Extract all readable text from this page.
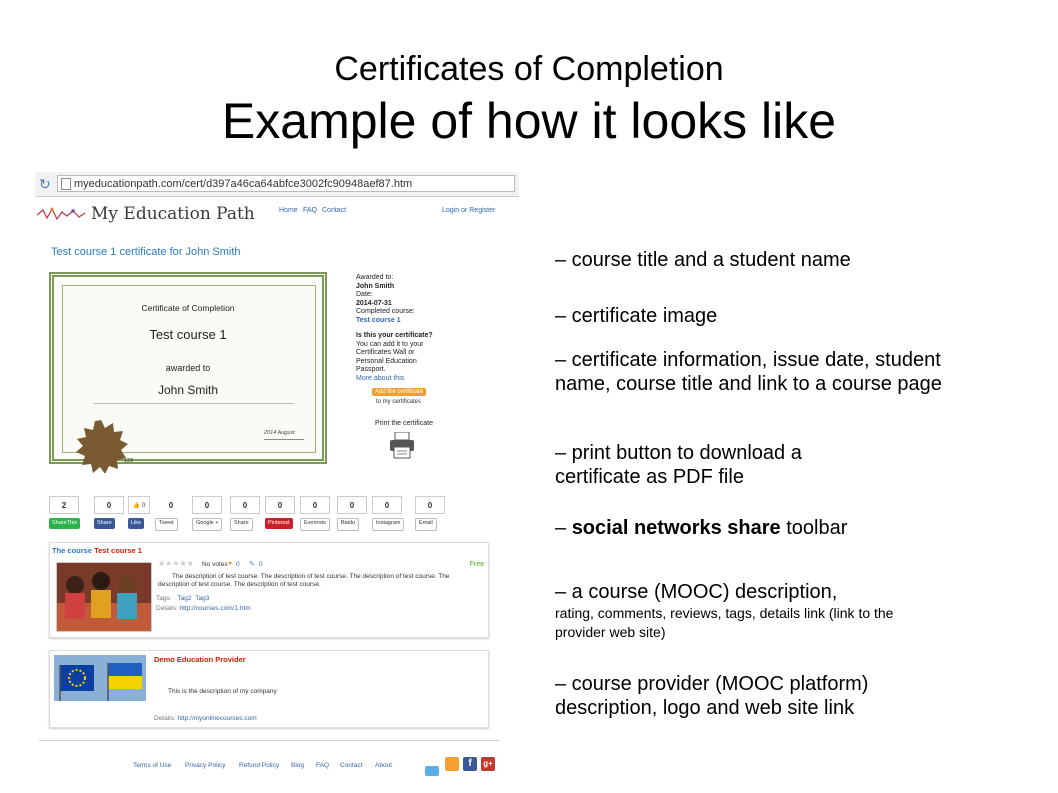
Certificates of Completion
Example of how it looks like
↻	myeducationpath.com/cert/d397a46ca64abfce3002fc90948aef87.htm
My Education Path	Home FAQ Contact	Login or Register
Test course 1 certificate for John Smith
Certificate of Completion
Test course 1
awarded to
John Smith
2014 August
123
Awarded to:
John Smith
Date:
2014-07-31
Completed course:
Test course 1
Is this your certificate?
You can add it to your Certificates Wall or Personal Education Passport.
More about this
Add the certificate
to my certificates
Print the certificate
2	0	👍 0	0	0	0	0	0	0	0	0
ShareThis	Share	Like	Tweet	Google +	Share	Pinterest	Evernote	Baidu	Instagram	Email
The course Test course 1
★★★★★ No votes ● 0 ✎ 0	Free
The description of test course. The description of test course. The description of test course. The description of test course. The description of test course.
Tags: Tag2 Tag3
Details: http://courses.com/1.htm
Demo Education Provider
This is the description of my company
Details: http://myonlinecourses.com
Terms of Use Privacy Policy Refund Policy Blog FAQ Contact About	f	g+
– course title and a student name
– certificate image
– certificate information, issue date, student name, course title and link to a course page
– print button to download a certificate as PDF file
– social networks share toolbar
– a course (MOOC) description,
rating, comments, reviews, tags, details link (link to the provider web site)
– course provider (MOOC platform) description, logo and web site link
